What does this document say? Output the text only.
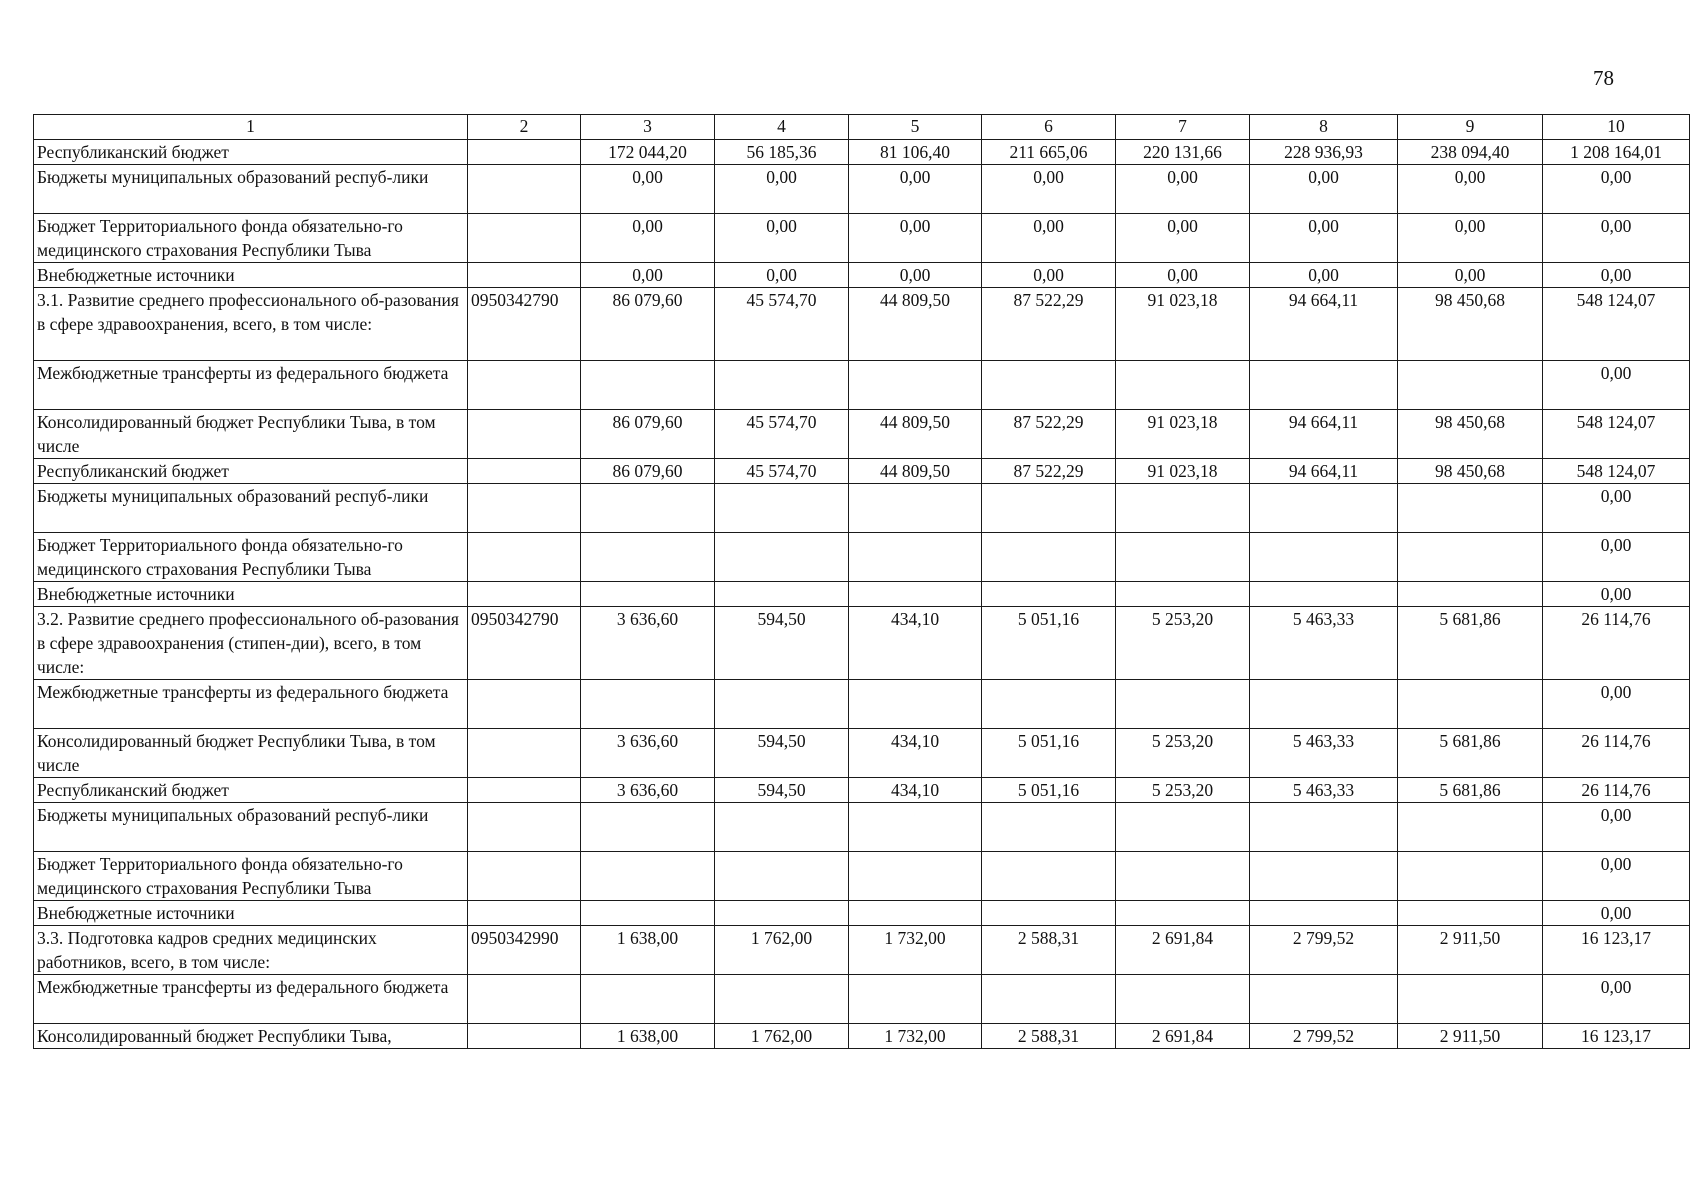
78
1	2	3	4	5	6	7	8	9	10
Республиканский бюджет		172 044,20	56 185,36	81 106,40	211 665,06	220 131,66	228 936,93	238 094,40	1 208 164,01
Бюджеты муниципальных образований респуб-лики		0,00	0,00	0,00	0,00	0,00	0,00	0,00	0,00
Бюджет Территориального фонда обязательно-го медицинского страхования Республики Тыва		0,00	0,00	0,00	0,00	0,00	0,00	0,00	0,00
Внебюджетные источники		0,00	0,00	0,00	0,00	0,00	0,00	0,00	0,00
3.1. Развитие среднего профессионального об-разования в сфере здравоохранения, всего, в том числе:	0950342790	86 079,60	45 574,70	44 809,50	87 522,29	91 023,18	94 664,11	98 450,68	548 124,07
Межбюджетные трансферты из федерального бюджета									0,00
Консолидированный бюджет Республики Тыва, в том числе		86 079,60	45 574,70	44 809,50	87 522,29	91 023,18	94 664,11	98 450,68	548 124,07
Республиканский бюджет		86 079,60	45 574,70	44 809,50	87 522,29	91 023,18	94 664,11	98 450,68	548 124,07
Бюджеты муниципальных образований респуб-лики									0,00
Бюджет Территориального фонда обязательно-го медицинского страхования Республики Тыва									0,00
Внебюджетные источники									0,00
3.2. Развитие среднего профессионального об-разования в сфере здравоохранения (стипен-дии), всего, в том числе:	0950342790	3 636,60	594,50	434,10	5 051,16	5 253,20	5 463,33	5 681,86	26 114,76
Межбюджетные трансферты из федерального бюджета									0,00
Консолидированный бюджет Республики Тыва, в том числе		3 636,60	594,50	434,10	5 051,16	5 253,20	5 463,33	5 681,86	26 114,76
Республиканский бюджет		3 636,60	594,50	434,10	5 051,16	5 253,20	5 463,33	5 681,86	26 114,76
Бюджеты муниципальных образований респуб-лики									0,00
Бюджет Территориального фонда обязательно-го медицинского страхования Республики Тыва									0,00
Внебюджетные источники									0,00
3.3. Подготовка кадров средних медицинских работников, всего, в том числе:	0950342990	1 638,00	1 762,00	1 732,00	2 588,31	2 691,84	2 799,52	2 911,50	16 123,17
Межбюджетные трансферты из федерального бюджета									0,00
Консолидированный бюджет Республики Тыва,		1 638,00	1 762,00	1 732,00	2 588,31	2 691,84	2 799,52	2 911,50	16 123,17
